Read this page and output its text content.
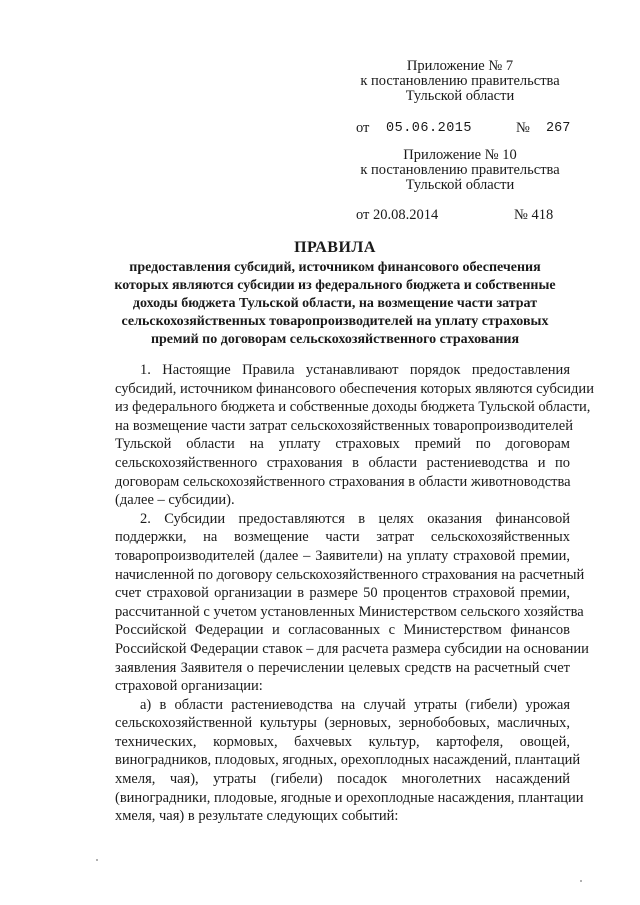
Приложение № 7
к постановлению правительства
Тульской области
от 05.06.2015	№ 267
Приложение № 10
к постановлению правительства
Тульской области
от 20.08.2014	№ 418
ПРАВИЛА
предоставления субсидий, источником финансового обеспечения
которых являются субсидии из федерального бюджета и собственные
доходы бюджета Тульской области, на возмещение части затрат
сельскохозяйственных товаропроизводителей на уплату страховых
премий по договорам сельскохозяйственного страхования
1. Настоящие Правила устанавливают порядок предоставления
субсидий, источником финансового обеспечения которых являются субсидии
из федерального бюджета и собственные доходы бюджета Тульской области,
на возмещение части затрат сельскохозяйственных товаропроизводителей
Тульской области на уплату страховых премий по договорам
сельскохозяйственного страхования в области растениеводства и по
договорам сельскохозяйственного страхования в области животноводства
(далее – субсидии).
2. Субсидии предоставляются в целях оказания финансовой
поддержки, на возмещение части затрат сельскохозяйственных
товаропроизводителей (далее – Заявители) на уплату страховой премии,
начисленной по договору сельскохозяйственного страхования на расчетный
счет страховой организации в размере 50 процентов страховой премии,
рассчитанной с учетом установленных Министерством сельского хозяйства
Российской Федерации и согласованных с Министерством финансов
Российской Федерации ставок – для расчета размера субсидии на основании
заявления Заявителя о перечислении целевых средств на расчетный счет
страховой организации:
а) в области растениеводства на случай утраты (гибели) урожая
сельскохозяйственной культуры (зерновых, зернобобовых, масличных,
технических, кормовых, бахчевых культур, картофеля, овощей,
виноградников, плодовых, ягодных, орехоплодных насаждений, плантаций
хмеля, чая), утраты (гибели) посадок многолетних насаждений
(виноградники, плодовые, ягодные и орехоплодные насаждения, плантации
хмеля, чая) в результате следующих событий:
